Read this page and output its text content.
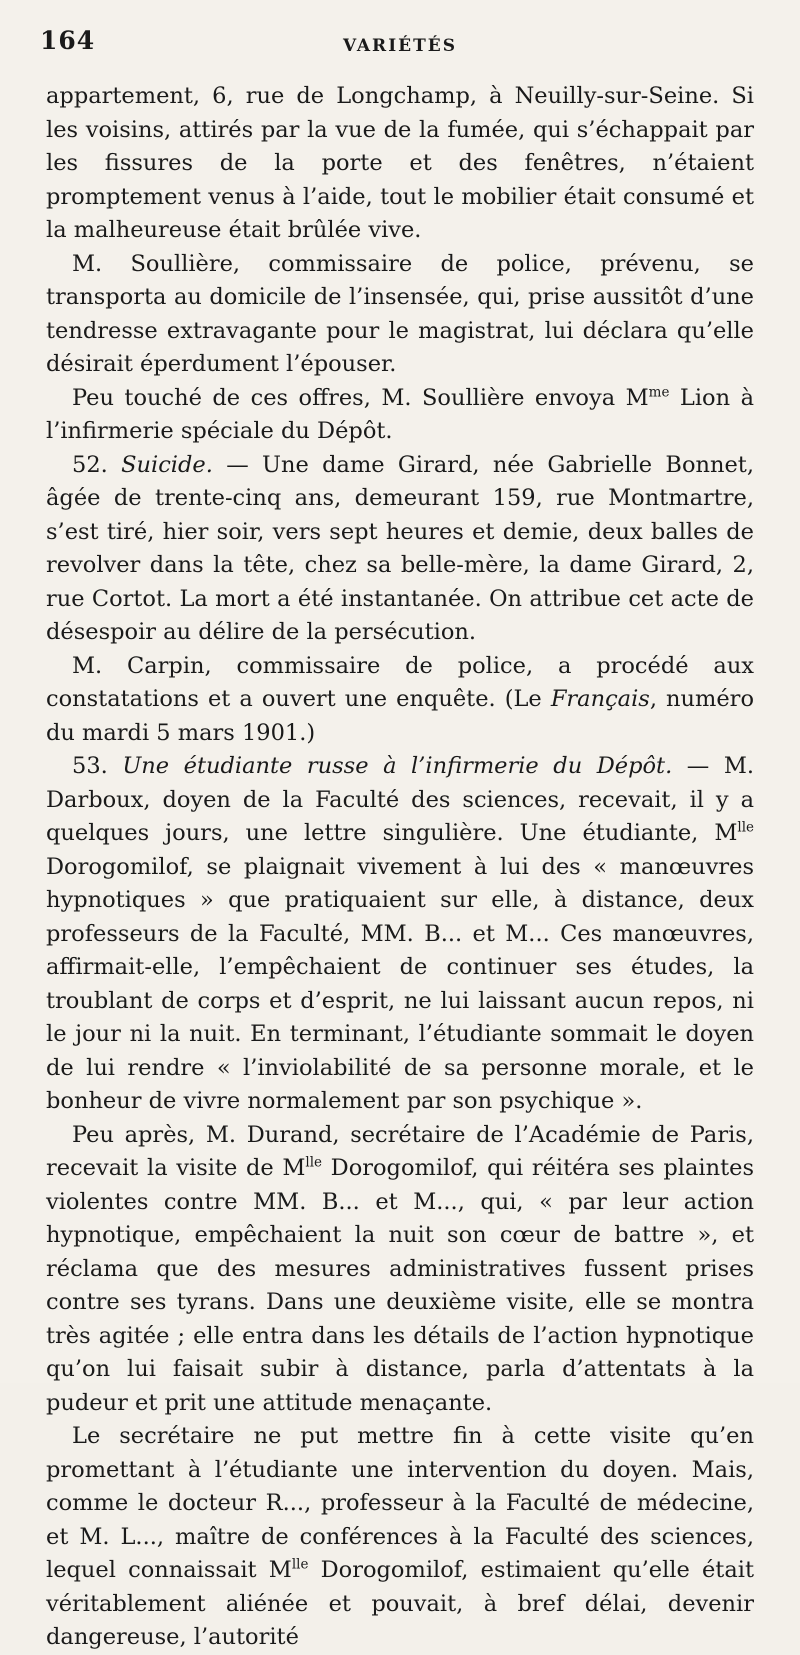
164	VARIÉTÉS

appartement, 6, rue de Longchamp, à Neuilly-sur-Seine. Si les voisins, attirés par la vue de la fumée, qui s’échappait par les fissures de la porte et des fenêtres, n’étaient promptement venus à l’aide, tout le mobilier était consumé et la malheureuse était brûlée vive.

M. Soullière, commissaire de police, prévenu, se transporta au domicile de l’insensée, qui, prise aussitôt d’une tendresse extravagante pour le magistrat, lui déclara qu’elle désirait éperdument l’épouser.

Peu touché de ces offres, M. Soullière envoya $M^{me}$ Lion à l’infirmerie spéciale du Dépôt.

52. Suicide. — Une dame Girard, née Gabrielle Bonnet, âgée de trente-cinq ans, demeurant 159, rue Montmartre, s’est tiré, hier soir, vers sept heures et demie, deux balles de revolver dans la tête, chez sa belle-mère, la dame Girard, 2, rue Cortot. La mort a été instantanée. On attribue cet acte de désespoir au délire de la persécution.

M. Carpin, commissaire de police, a procédé aux constatations et a ouvert une enquête. (Le Français, numéro du mardi 5 mars 1901.)

53. Une étudiante russe à l’infirmerie du Dépôt. — M. Darboux, doyen de la Faculté des sciences, recevait, il y a quelques jours, une lettre singulière. Une étudiante, $M^{lle}$ Dorogomilof, se plaignait vivement à lui des « manœuvres hypnotiques » que pratiquaient sur elle, à distance, deux professeurs de la Faculté, MM. B... et M... Ces manœuvres, affirmait-elle, l’empêchaient de continuer ses études, la troublant de corps et d’esprit, ne lui laissant aucun repos, ni le jour ni la nuit. En terminant, l’étudiante sommait le doyen de lui rendre « l’inviolabilité de sa personne morale, et le bonheur de vivre normalement par son psychique ».

Peu après, M. Durand, secrétaire de l’Académie de Paris, recevait la visite de $M^{lle}$ Dorogomilof, qui réitéra ses plaintes violentes contre MM. B... et M..., qui, « par leur action hypnotique, empêchaient la nuit son cœur de battre », et réclama que des mesures administratives fussent prises contre ses tyrans. Dans une deuxième visite, elle se montra très agitée ; elle entra dans les détails de l’action hypnotique qu’on lui faisait subir à distance, parla d’attentats à la pudeur et prit une attitude menaçante.

Le secrétaire ne put mettre fin à cette visite qu’en promettant à l’étudiante une intervention du doyen. Mais, comme le docteur R..., professeur à la Faculté de médecine, et M. L..., maître de conférences à la Faculté des sciences, lequel connaissait $M^{lle}$ Dorogomilof, estimaient qu’elle était véritablement aliénée et pouvait, à bref délai, devenir dangereuse, l’autorité
